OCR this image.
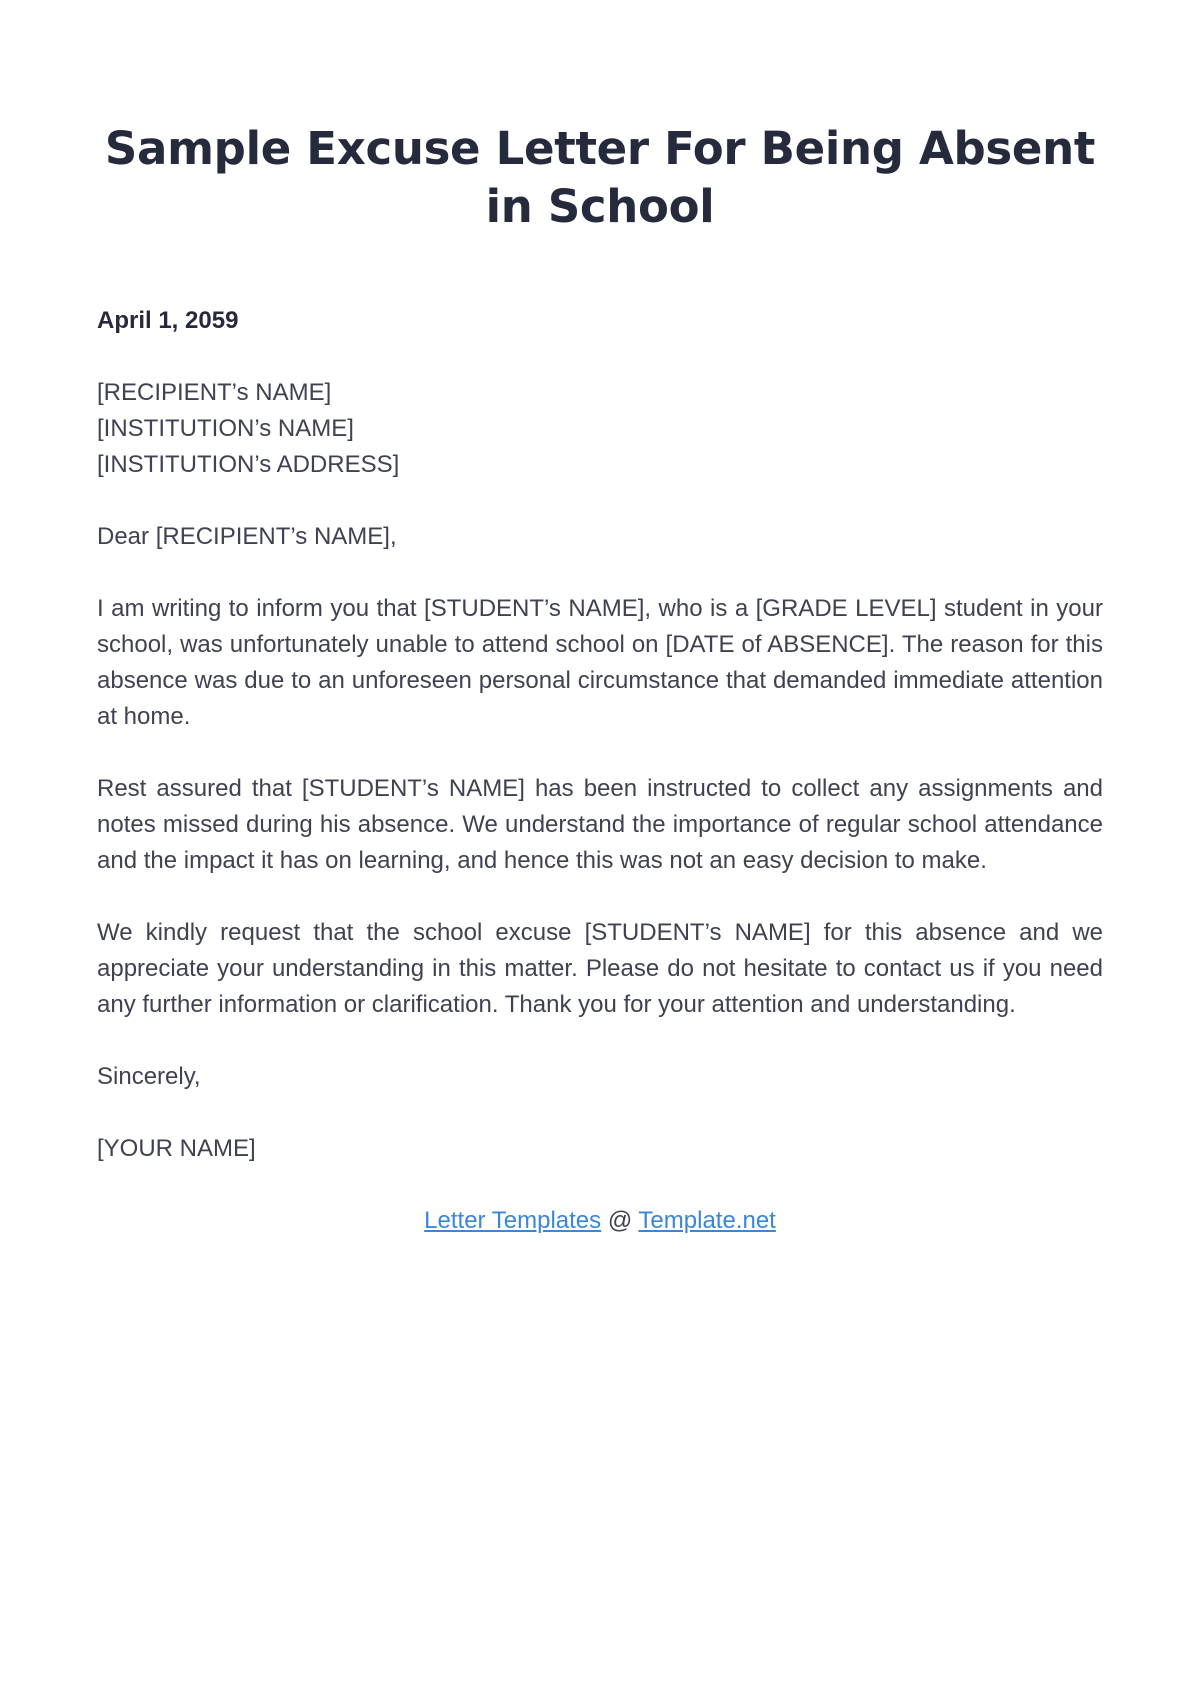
Sample Excuse Letter For Being Absent in School
April 1, 2059
[RECIPIENT’s NAME]
[INSTITUTION’s NAME]
[INSTITUTION’s ADDRESS]
Dear [RECIPIENT’s NAME],
I am writing to inform you that [STUDENT’s NAME], who is a [GRADE LEVEL] student in your school, was unfortunately unable to attend school on [DATE of ABSENCE]. The reason for this absence was due to an unforeseen personal circumstance that demanded immediate attention at home.
Rest assured that [STUDENT’s NAME] has been instructed to collect any assignments and notes missed during his absence. We understand the importance of regular school attendance and the impact it has on learning, and hence this was not an easy decision to make.
We kindly request that the school excuse [STUDENT’s NAME] for this absence and we appreciate your understanding in this matter. Please do not hesitate to contact us if you need any further information or clarification. Thank you for your attention and understanding.
Sincerely,
[YOUR NAME]
Letter Templates @ Template.net
